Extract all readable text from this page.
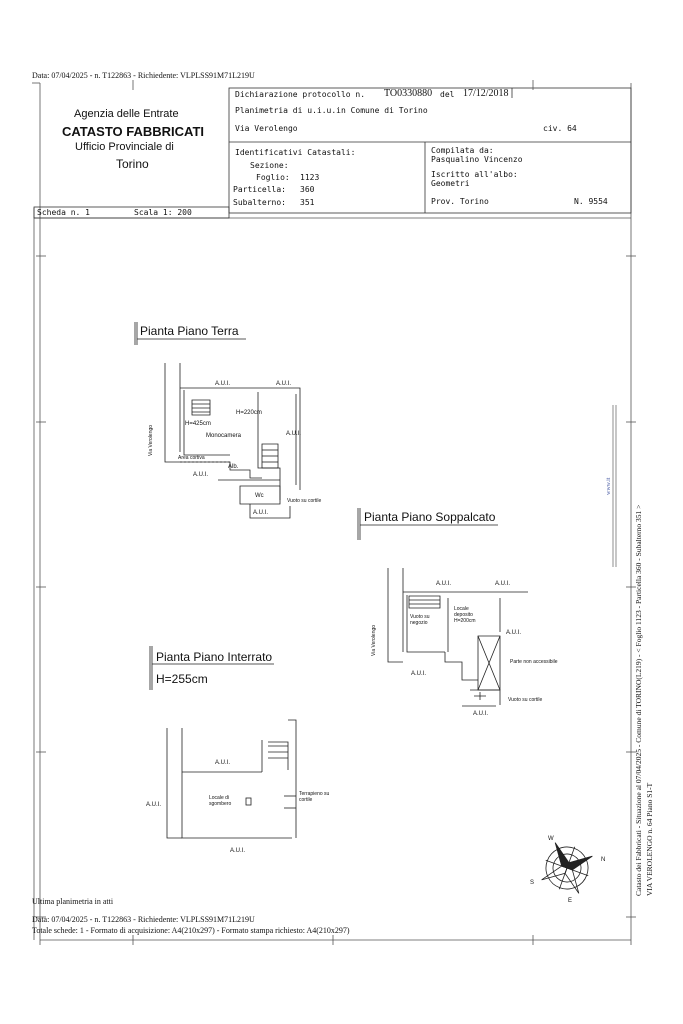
Data: 07/04/2025 - n. T122863 - Richiedente: VLPLSS91M71L219U
Agenzia delle Entrate
CATASTO FABBRICATI
Ufficio Provinciale di
Torino
Dichiarazione protocollo n. TO0330880 del 17/12/2018
Planimetria di u.i.u.in Comune di Torino
Via Verolengo	civ. 64
Identificativi Catastali:
Sezione:
Foglio: 1123
Particella: 360
Subalterno: 351
Compilata da:
Pasqualino Vincenzo
Iscritto all'albo:
Geometri
Prov. Torino	N. 9554
Scheda n. 1	Scala 1: 200
Pianta Piano Terra
Pianta Piano Soppalcato
Pianta Piano Interrato
H=255cm
A.U.I.	A.U.I.
H=220cm
H=425cm
Monocamera	A.U.I.
Via Verolengo
Area cortiva
A.U.I.
Alb.
Wc
Vuoto su cortile
A.U.I.
A.U.I.	A.U.I.
Vuoto su negozio
Locale deposito H=200cm
A.U.I.
Via Verolengo
Parte non accessibile
A.U.I.
Vuoto su cortile
A.U.I.
A.U.I.
A.U.I.
Locale di sgombero
Terrapieno su cortile
A.U.I.
N
S
E
W	Catasto dei Fabbricati - Situazione al 07/04/2025 - Comune di TORINO(L219) - < Foglio 1123 - Particella 360 - Subalterno 351 > VIA VEROLENGO n. 64 Piano S1-T
www.it
Ultima planimetria in atti
Data: 07/04/2025 - n. T122863 - Richiedente: VLPLSS91M71L219U
Totale schede: 1 - Formato di acquisizione: A4(210x297) - Formato stampa richiesto: A4(210x297)
